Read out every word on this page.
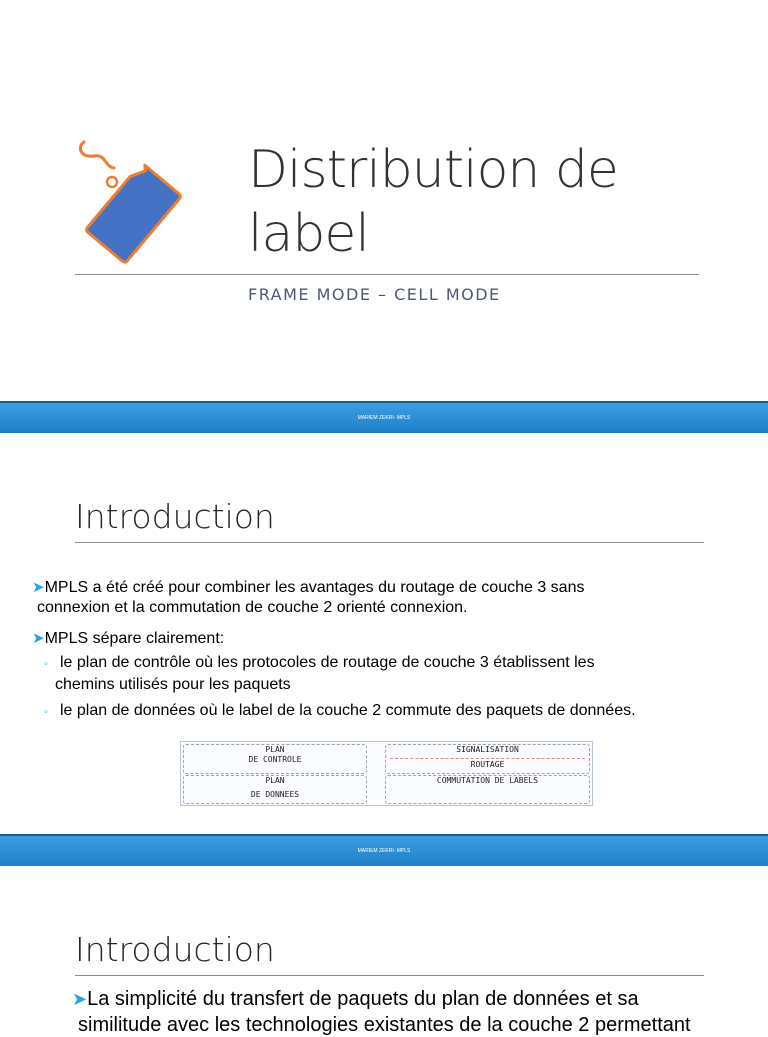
Distribution de
label
FRAME MODE – CELL MODE
MARIEM ZEKRI- MPLS
Introduction
➤MPLS a été créé pour combiner les avantages du routage de couche 3 sans
connexion et la commutation de couche 2 orienté connexion.
➤MPLS sépare clairement:
◦ le plan de contrôle où les protocoles de routage de couche 3 établissent les
chemins utilisés pour les paquets
◦ le plan de données où le label de la couche 2 commute des paquets de données.
PLAN
DE CONTROLE
PLAN
DE DONNEES
SIGNALISATION
ROUTAGE
COMMUTATION DE LABELS
MARIEM ZEKRI- MPLS
Introduction
➤La simplicité du transfert de paquets du plan de données et sa
similitude avec les technologies existantes de la couche 2 permettant
